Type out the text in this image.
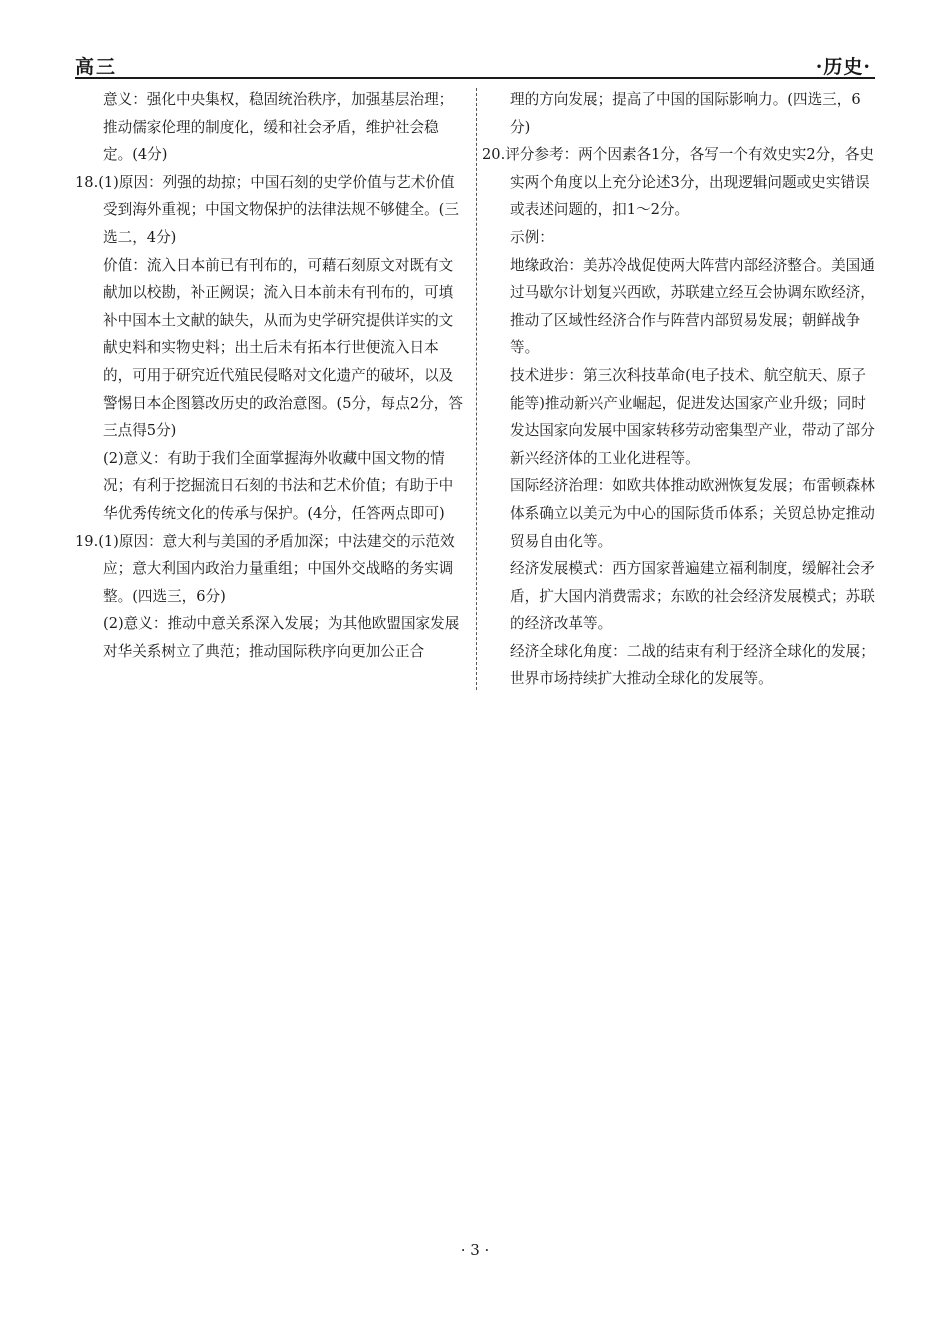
高三	·历史·

意义：强化中央集权，稳固统治秩序，加强基层治理；推动儒家伦理的制度化，缓和社会矛盾，维护社会稳定。(4分)

18.(1)原因：列强的劫掠；中国石刻的史学价值与艺术价值受到海外重视；中国文物保护的法律法规不够健全。(三选二，4分)

价值：流入日本前已有刊布的，可藉石刻原文对既有文献加以校勘，补正阙误；流入日本前未有刊布的，可填补中国本土文献的缺失，从而为史学研究提供详实的文献史料和实物史料；出土后未有拓本行世便流入日本的，可用于研究近代殖民侵略对文化遗产的破坏，以及警惕日本企图篡改历史的政治意图。(5分，每点2分，答三点得5分)

(2)意义：有助于我们全面掌握海外收藏中国文物的情况；有利于挖掘流日石刻的书法和艺术价值；有助于中华优秀传统文化的传承与保护。(4分，任答两点即可)

19.(1)原因：意大利与美国的矛盾加深；中法建交的示范效应；意大利国内政治力量重组；中国外交战略的务实调整。(四选三，6分)

(2)意义：推动中意关系深入发展；为其他欧盟国家发展对华关系树立了典范；推动国际秩序向更加公正合

理的方向发展；提高了中国的国际影响力。(四选三，6分)

20.评分参考：两个因素各1分，各写一个有效史实2分，各史实两个角度以上充分论述3分，出现逻辑问题或史实错误或表述问题的，扣1～2分。

示例：

地缘政治：美苏冷战促使两大阵营内部经济整合。美国通过马歇尔计划复兴西欧，苏联建立经互会协调东欧经济，推动了区域性经济合作与阵营内部贸易发展；朝鲜战争等。

技术进步：第三次科技革命(电子技术、航空航天、原子能等)推动新兴产业崛起，促进发达国家产业升级；同时发达国家向发展中国家转移劳动密集型产业，带动了部分新兴经济体的工业化进程等。

国际经济治理：如欧共体推动欧洲恢复发展；布雷顿森林体系确立以美元为中心的国际货币体系；关贸总协定推动贸易自由化等。

经济发展模式：西方国家普遍建立福利制度，缓解社会矛盾，扩大国内消费需求；东欧的社会经济发展模式；苏联的经济改革等。

经济全球化角度：二战的结束有利于经济全球化的发展；世界市场持续扩大推动全球化的发展等。

· 3 ·
